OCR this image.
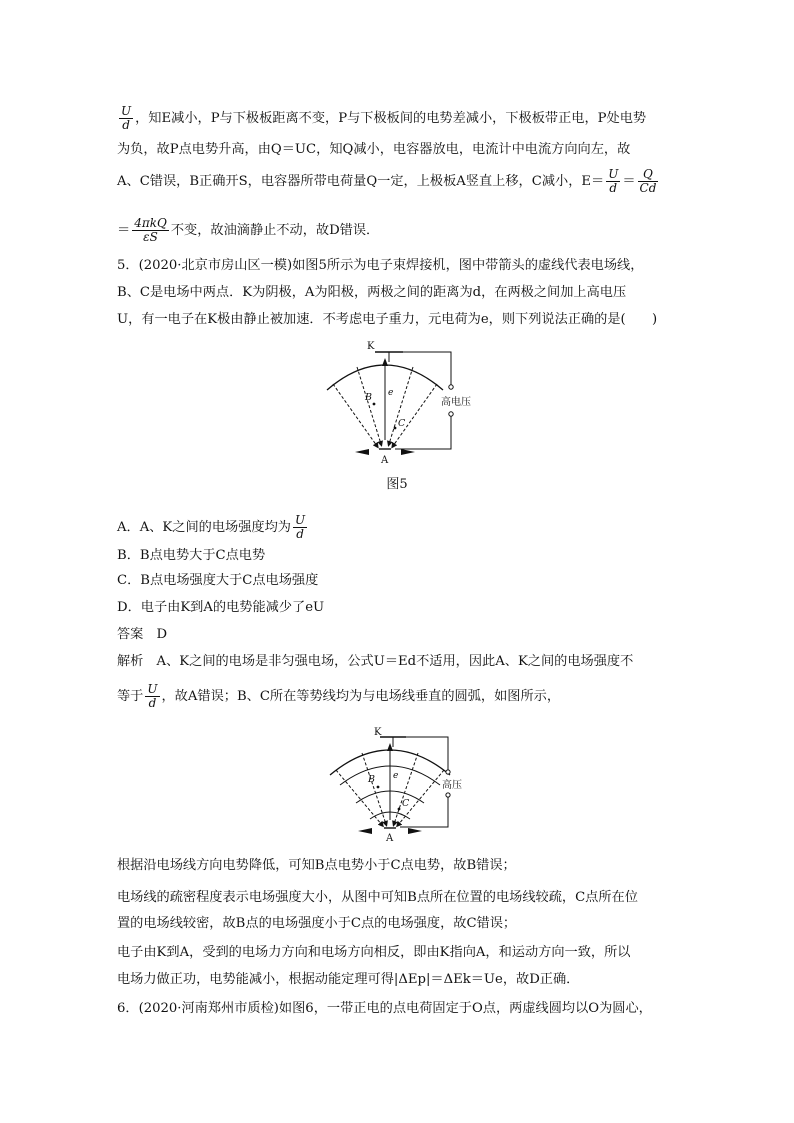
$\frac{U}{d}$ ，知E减小，P与下极板距离不变，P与下极板间的电势差减小，下极板带正电，P处电势
为负，故P点电势升高，由Q＝UC，知Q减小，电容器放电，电流计中电流方向向左，故
A、C错误，B正确开S，电容器所带电荷量Q一定，上极板A竖直上移，C减小，$E= \frac{U}{d} = \frac{Q}{Cd}$
＝ $\frac{\text{4πkQ}}{\varepsilon S}$ 不变，故油滴静止不动，故D错误．
5．(2020·北京市房山区一模)如图5所示为电子束焊接机，图中带箭头的虚线代表电场线，
B、C是电场中两点．K为阴极，A为阳极，两极之间的距离为d，在两极之间加上高电压
U，有一电子在K极由静止被加速．不考虑电子重力，元电荷为e，则下列说法正确的是(　　)
K
A
B
C
e
高电压
图5
A．A、K之间的电场强度均为 $\frac{U}{d}$
B．B点电势大于C点电势
C．B点电场强度大于C点电场强度
D．电子由K到A的电势能减少了eU
答案　D
解析　A、K之间的电场是非匀强电场，公式U＝Ed不适用，因此A、K之间的电场强度不
等于 $\frac{U}{d}$ ，故A错误；B、C所在等势线均为与电场线垂直的圆弧，如图所示，
K
A
B
C
e
高压
根据沿电场线方向电势降低，可知B点电势小于C点电势，故B错误；
电场线的疏密程度表示电场强度大小，从图中可知B点所在位置的电场线较疏，C点所在位
置的电场线较密，故B点的电场强度小于C点的电场强度，故C错误；
电子由K到A，受到的电场力方向和电场方向相反，即由K指向A，和运动方向一致，所以
电场力做正功，电势能减小，根据动能定理可得|ΔEp|＝ΔEk＝Ue，故D正确．
6．(2020·河南郑州市质检)如图6，一带正电的点电荷固定于O点，两虚线圆均以O为圆心，
